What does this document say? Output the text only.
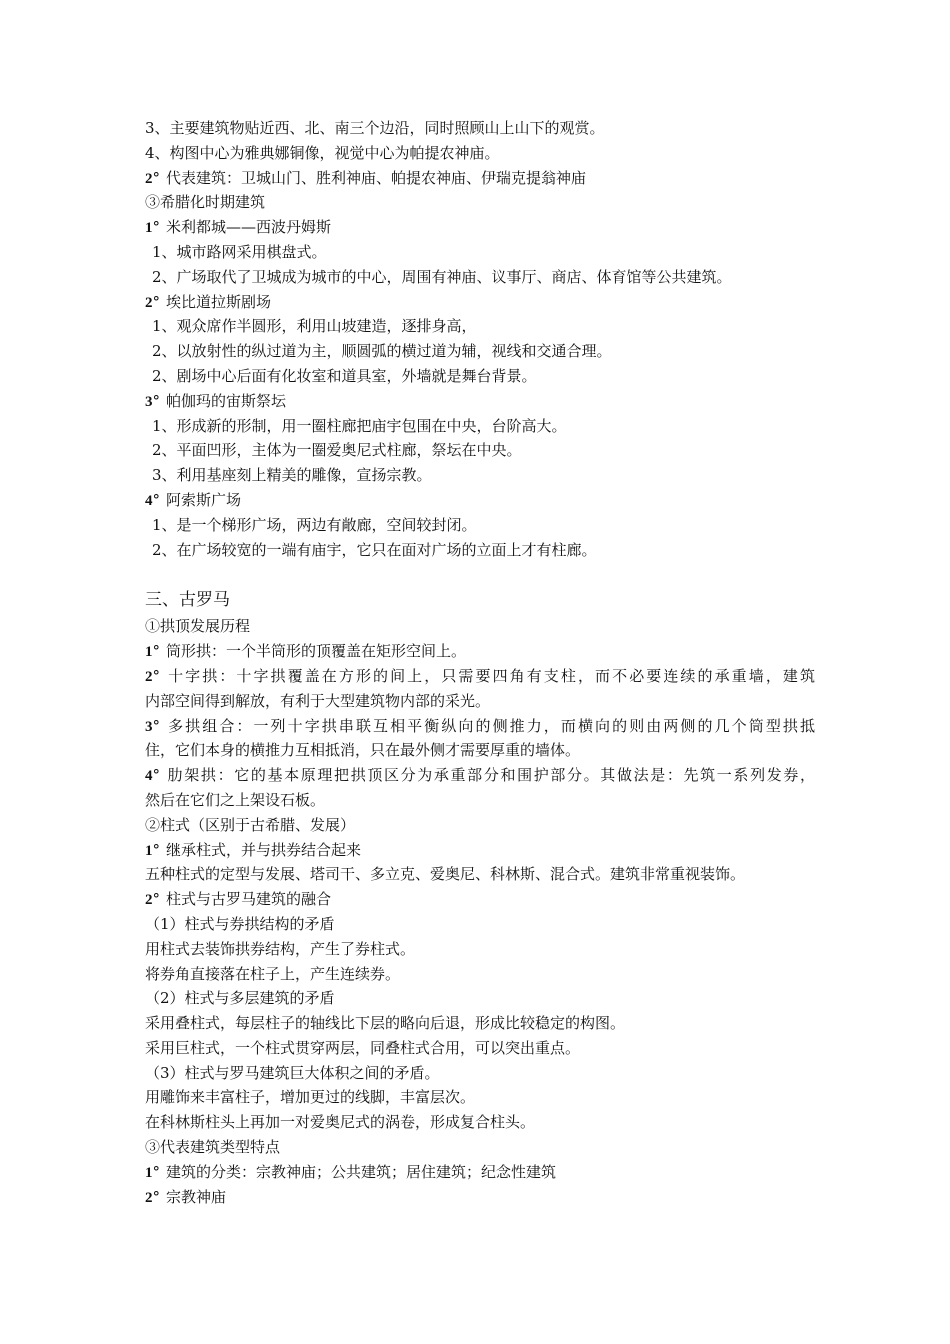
3、主要建筑物贴近西、北、南三个边沿，同时照顾山上山下的观赏。
4、构图中心为雅典娜铜像，视觉中心为帕提农神庙。
2° 代表建筑：卫城山门、胜利神庙、帕提农神庙、伊瑞克提翁神庙
③希腊化时期建筑
1° 米利都城——西波丹姆斯
1、城市路网采用棋盘式。
2、广场取代了卫城成为城市的中心，周围有神庙、议事厅、商店、体育馆等公共建筑。
2° 埃比道拉斯剧场
1、观众席作半圆形，利用山坡建造，逐排身高，
2、以放射性的纵过道为主，顺圆弧的横过道为辅，视线和交通合理。
2、剧场中心后面有化妆室和道具室，外墙就是舞台背景。
3° 帕伽玛的宙斯祭坛
1、形成新的形制，用一圈柱廊把庙宇包围在中央，台阶高大。
2、平面凹形，主体为一圈爱奥尼式柱廊，祭坛在中央。
3、利用基座刻上精美的雕像，宣扬宗教。
4° 阿索斯广场
1、是一个梯形广场，两边有敞廊，空间较封闭。
2、在广场较宽的一端有庙宇，它只在面对广场的立面上才有柱廊。
三、古罗马
①拱顶发展历程
1° 筒形拱：一个半筒形的顶覆盖在矩形空间上。
2° 十字拱：十字拱覆盖在方形的间上，只需要四角有支柱，而不必要连续的承重墙，建筑
内部空间得到解放，有利于大型建筑物内部的采光。
3° 多拱组合：一列十字拱串联互相平衡纵向的侧推力，而横向的则由两侧的几个筒型拱抵
住，它们本身的横推力互相抵消，只在最外侧才需要厚重的墙体。
4° 肋架拱：它的基本原理把拱顶区分为承重部分和围护部分。其做法是：先筑一系列发券，
然后在它们之上架设石板。
②柱式（区别于古希腊、发展）
1° 继承柱式，并与拱券结合起来
五种柱式的定型与发展、塔司干、多立克、爱奥尼、科林斯、混合式。建筑非常重视装饰。
2° 柱式与古罗马建筑的融合
（1）柱式与券拱结构的矛盾
用柱式去装饰拱券结构，产生了券柱式。
将券角直接落在柱子上，产生连续券。
（2）柱式与多层建筑的矛盾
采用叠柱式，每层柱子的轴线比下层的略向后退，形成比较稳定的构图。
采用巨柱式，一个柱式贯穿两层，同叠柱式合用，可以突出重点。
（3）柱式与罗马建筑巨大体积之间的矛盾。
用雕饰来丰富柱子，增加更过的线脚，丰富层次。
在科林斯柱头上再加一对爱奥尼式的涡卷，形成复合柱头。
③代表建筑类型特点
1° 建筑的分类：宗教神庙；公共建筑；居住建筑；纪念性建筑
2° 宗教神庙
